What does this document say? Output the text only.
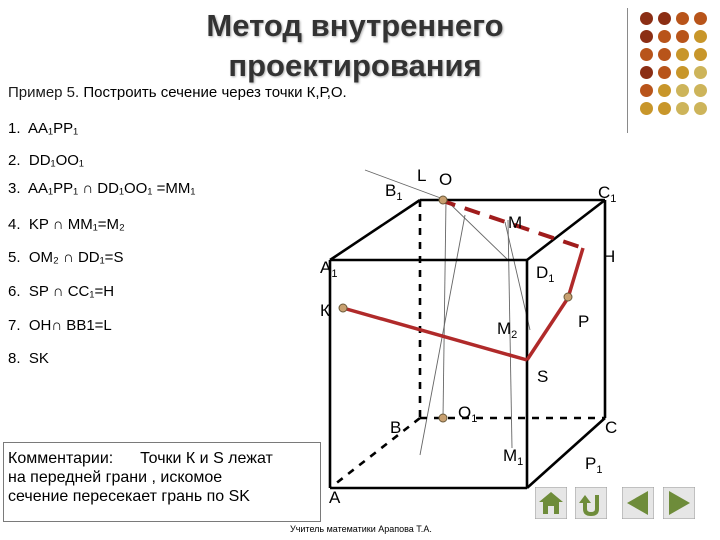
Метод внутреннего
проектирования
Пример 5. Построить сечение через точки К,Р,О.
1. AA₁PP₁
2. DD₁OO₁
3. AA₁PP₁ ∩ DD₁OO₁ =MM₁
4. KP ∩ MM₁=M₂
5. OM₂ ∩ DD₁=S
6. SP ∩ CC₁=H
7. OH∩ BB1=L
8. SK
L O
$B_1$	$C_1$
M
H
$A_1$	$D_1$
К
P
$M_2$
S
B
$O_1$	C
$M_1$	$P_1$
A
Комментарии: Точки К и S лежат
на передней грани , искомое
сечение пересекает грань по SK
Учитель математики Арапова Т.А.
